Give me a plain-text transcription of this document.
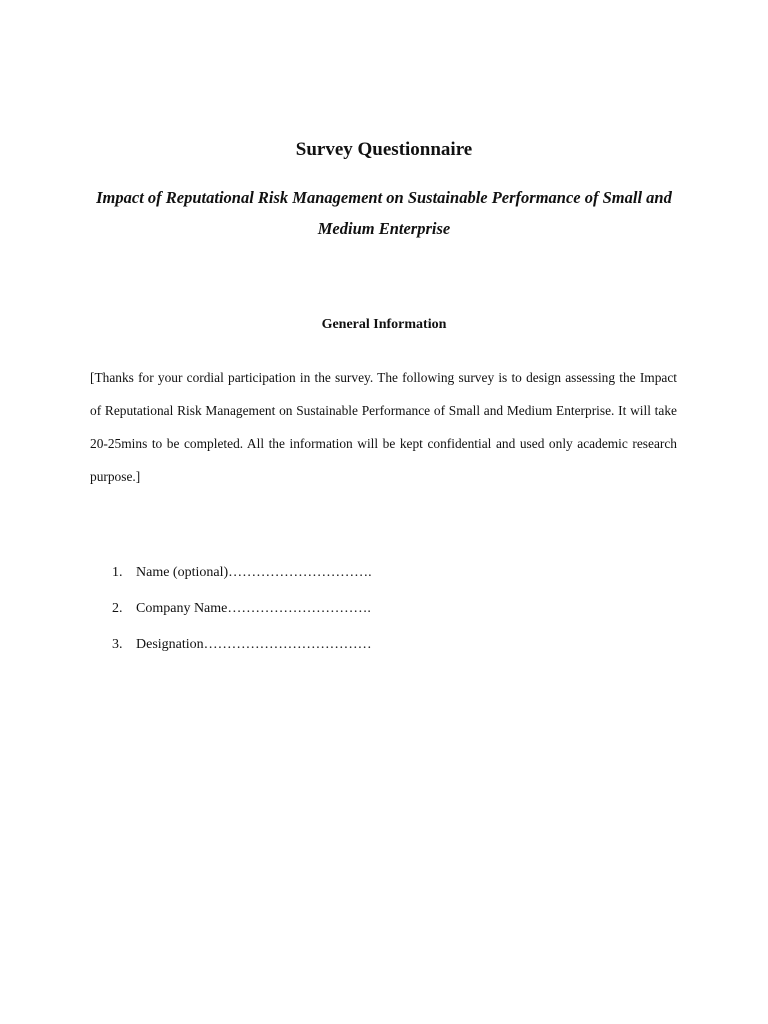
Survey Questionnaire
Impact of Reputational Risk Management on Sustainable Performance of Small and Medium Enterprise
General Information

[Thanks for your cordial participation in the survey. The following survey is to design assessing the Impact of Reputational Risk Management on Sustainable Performance of Small and Medium Enterprise. It will take 20-25mins to be completed. All the information will be kept confidential and used only academic research purpose.]

1. Name (optional)………………………….
2. Company Name………………………….
3. Designation………………………………
